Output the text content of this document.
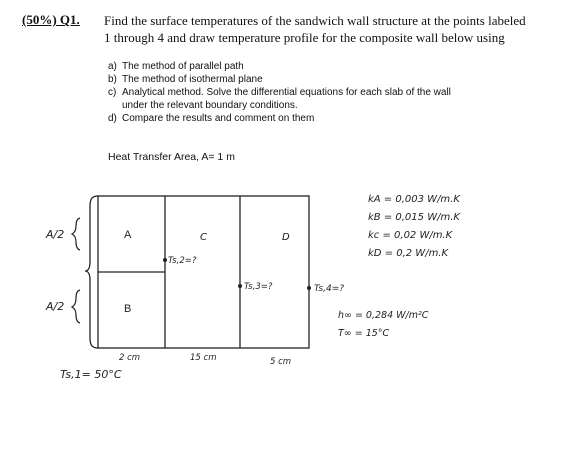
(50%) Q1. Find the surface temperatures of the sandwich wall structure at the points labeled
1 through 4 and draw temperature profile for the composite wall below using
a) The method of parallel path
b) The method of isothermal plane
c) Analytical method. Solve the differential equations for each slab of the wall
under the relevant boundary conditions.
d) Compare the results and comment on them
Heat Transfer Area, A= 1 m
A/2
A/2
A
B
C	D
Ts,2=?
Ts,3=?	Ts,4=?
Ts,1= 50°C
2 cm	15 cm	5 cm
kA = 0,003 W/m.K
kB = 0,015 W/m.K
kc = 0,02 W/m.K
kD = 0,2 W/m.K
h∞ = 0,284 W/m²C
T∞ = 15°C
